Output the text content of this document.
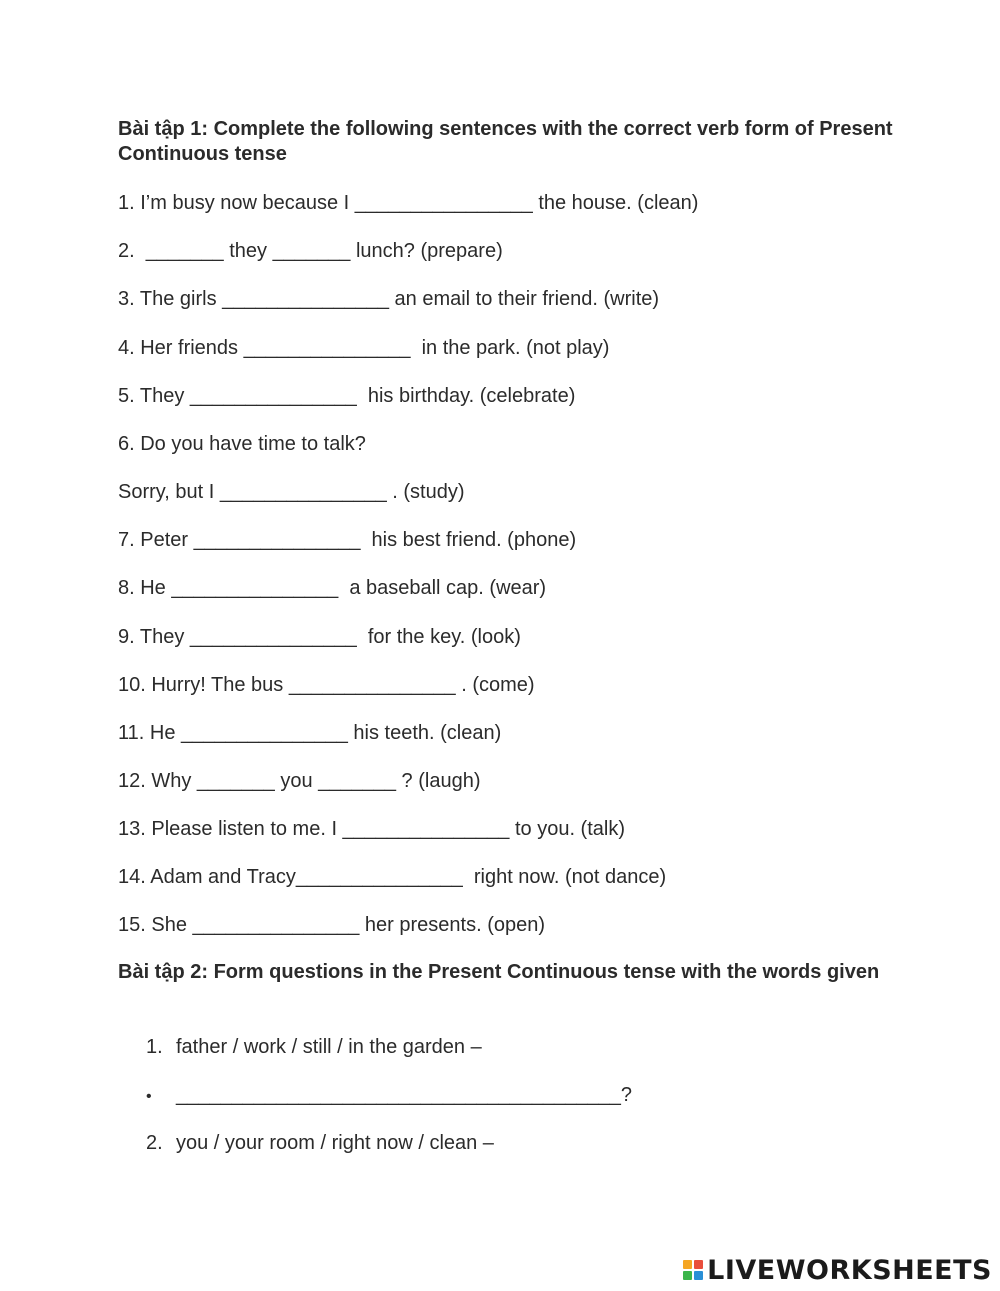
Bài tập 1: Complete the following sentences with the correct verb form of Present Continuous tense
1. I’m busy now because I ________________ the house. (clean)
2.  _______ they _______ lunch? (prepare)
3. The girls _______________ an email to their friend. (write)
4. Her friends _______________  in the park. (not play)
5. They _______________  his birthday. (celebrate)
6. Do you have time to talk?
Sorry, but I _______________ . (study)
7. Peter _______________  his best friend. (phone)
8. He _______________  a baseball cap. (wear)
9. They _______________  for the key. (look)
10. Hurry! The bus _______________ . (come)
11. He _______________ his teeth. (clean)
12. Why _______ you _______ ? (laugh)
13. Please listen to me. I _______________ to you. (talk)
14. Adam and Tracy_______________  right now. (not dance)
15. She _______________ her presents. (open)
Bài tập 2: Form questions in the Present Continuous tense with the words given
1. father / work / still / in the garden –
• ________________________________________?
2. you / your room / right now / clean –
LIVEWORKSHEETS
